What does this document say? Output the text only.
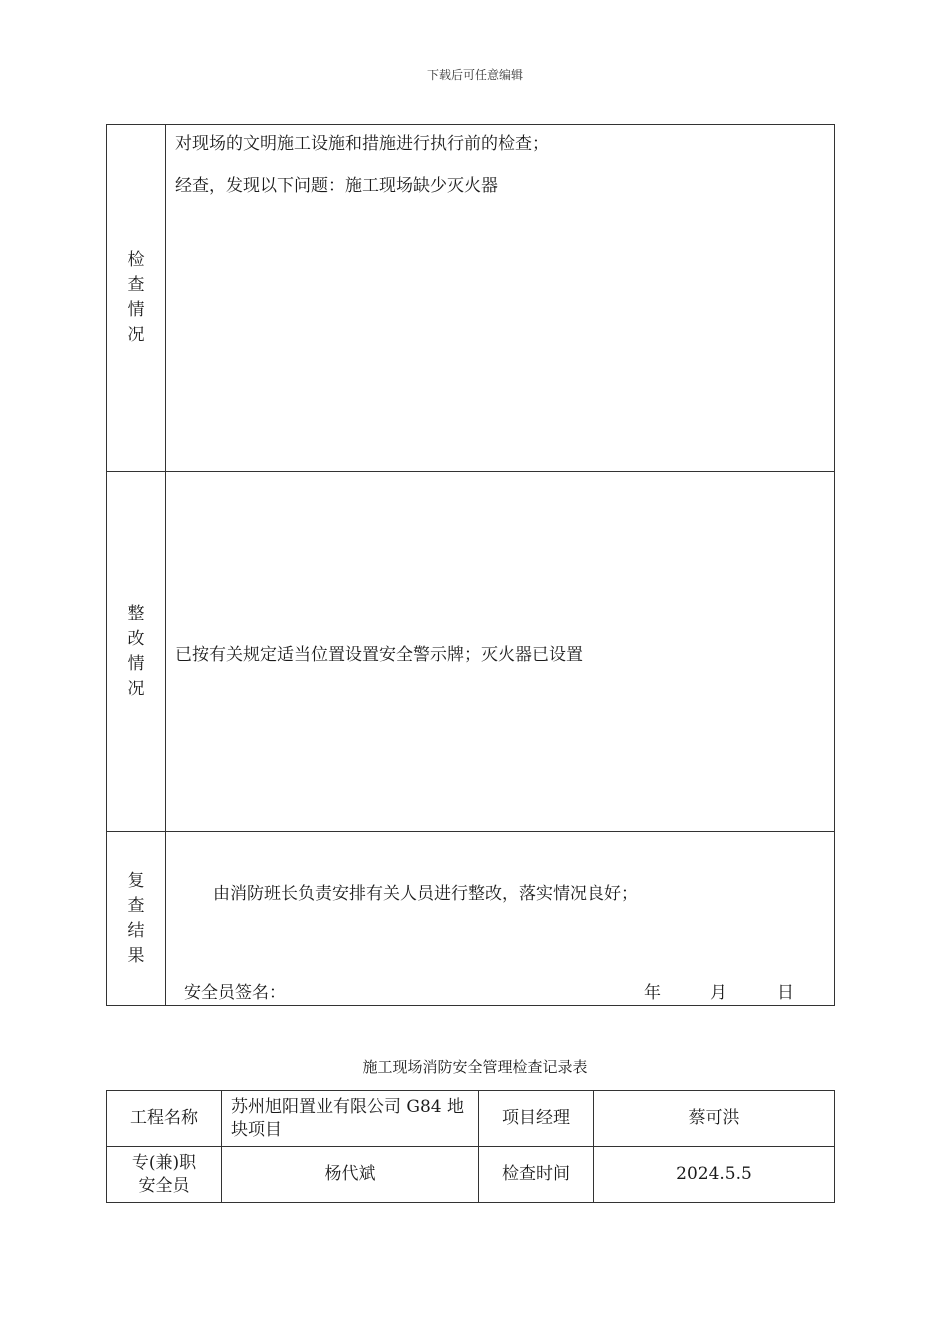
下载后可任意编辑
检查情况	对现场的文明施工设施和措施进行执行前的检查；
经查，发现以下问题：施工现场缺少灭火器

整改情况	已按有关规定适当位置设置安全警示牌；灭火器已设置

复查结果	由消防班长负责安排有关人员进行整改，落实情况良好；
安全员签名： 年 月 日
施工现场消防安全管理检查记录表
工程名称	苏州旭阳置业有限公司 G84 地块项目	项目经理	蔡可洪
专(兼)职安全员	杨代斌	检查时间	2024.5.5
